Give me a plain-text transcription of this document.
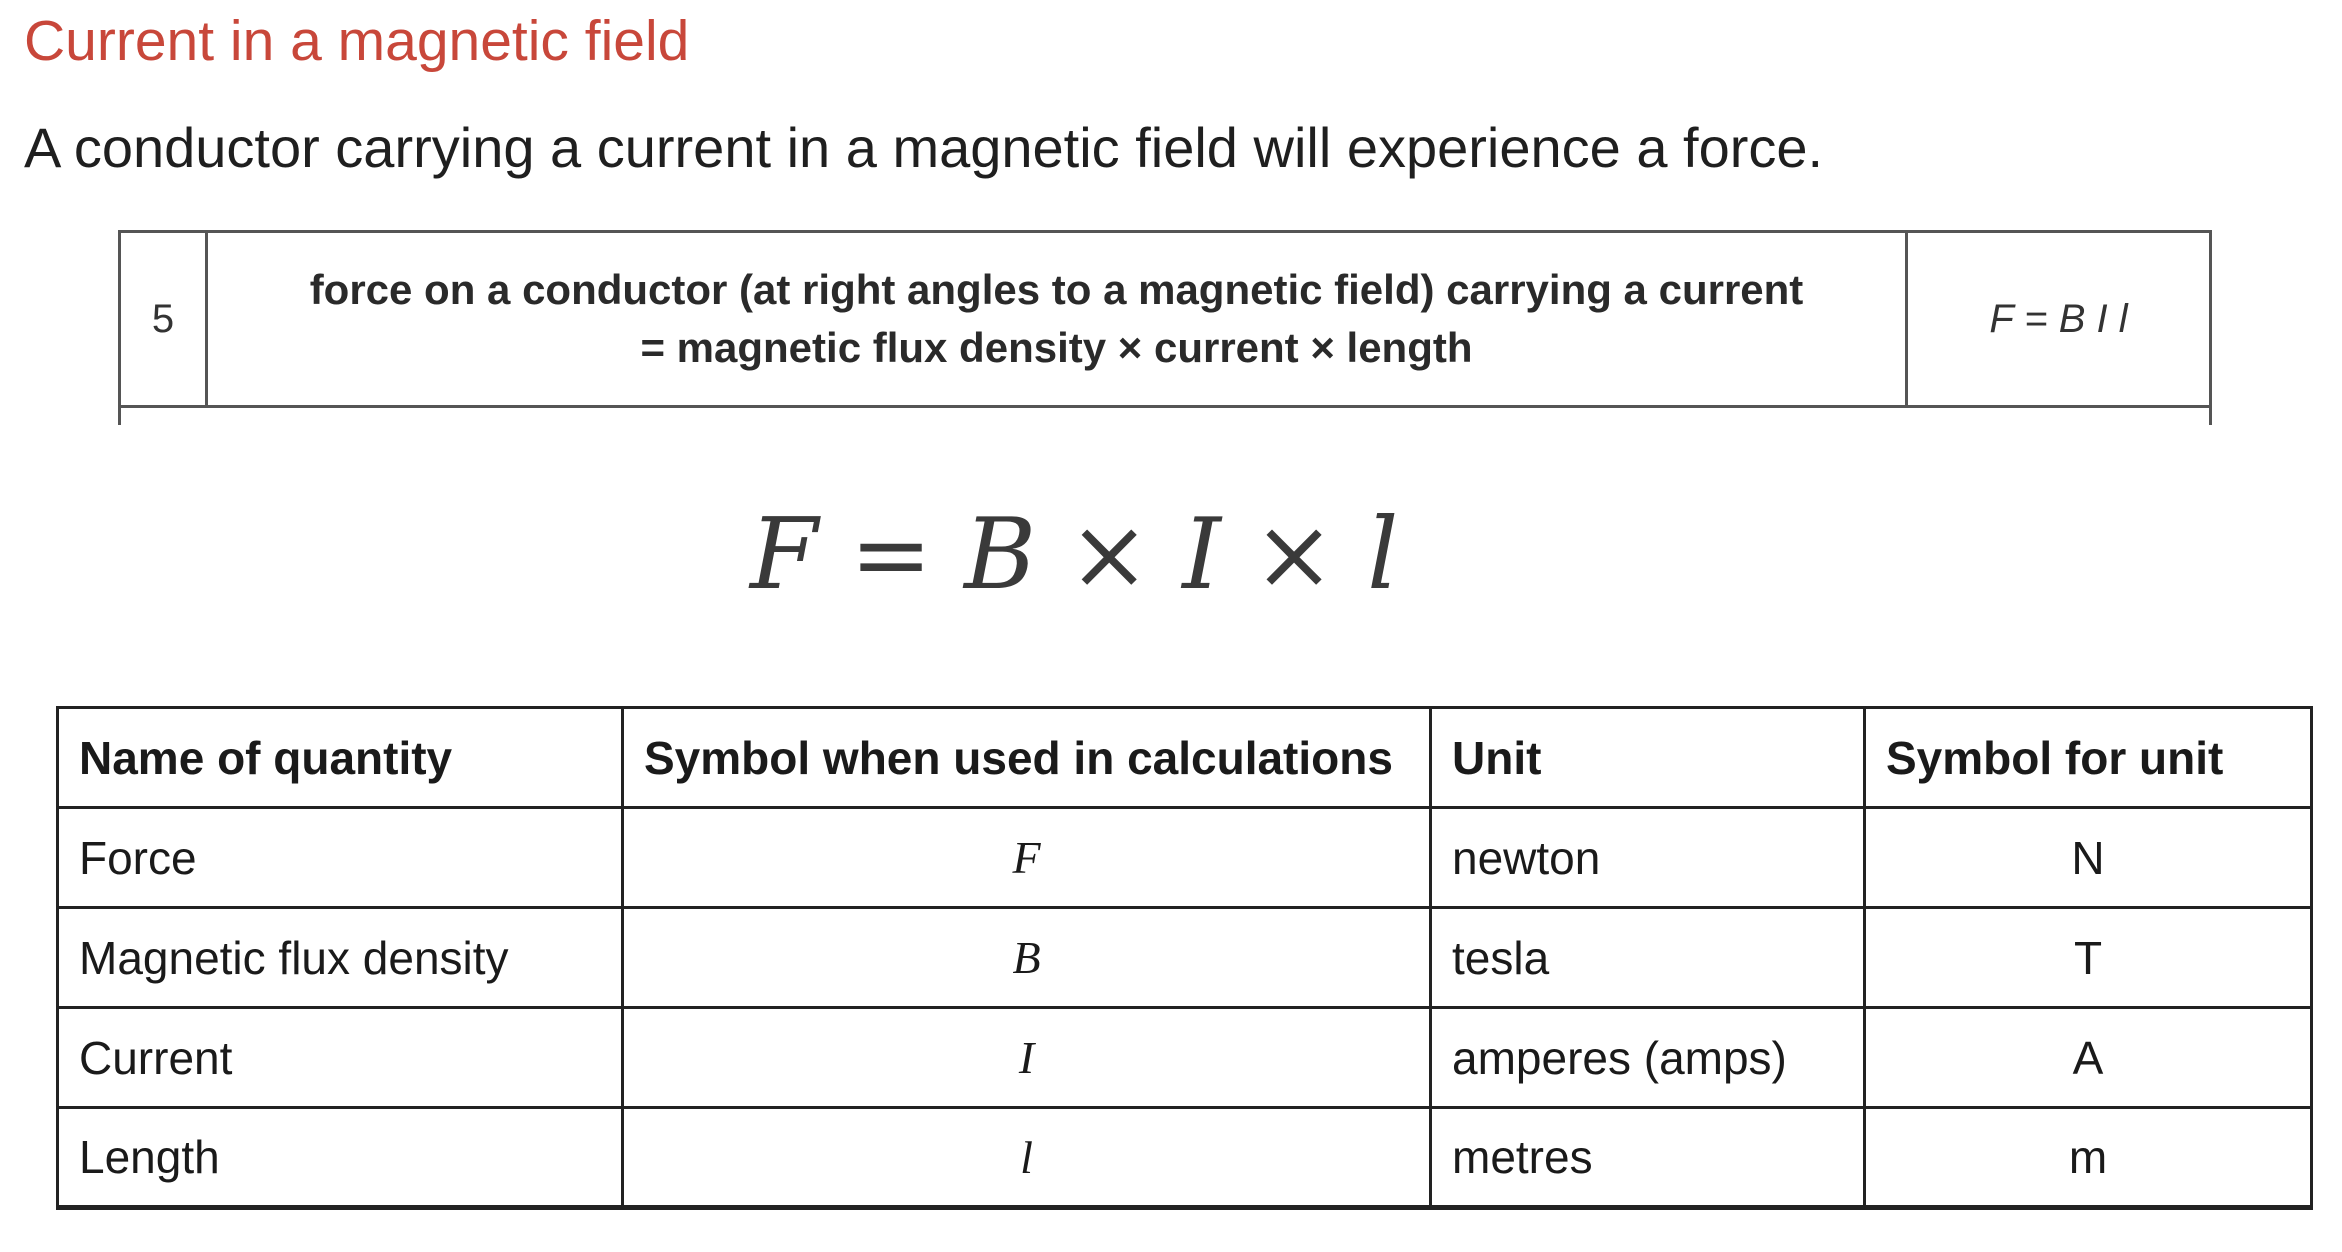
Current in a magnetic field
A conductor carrying a current in a magnetic field will experience a force.
5
force on a conductor (at right angles to a magnetic field) carrying a current
= magnetic flux density × current × length
F = B I l
F = B × I × l
Name of quantity	Symbol when used in calculations	Unit	Symbol for unit
Force	F	newton	N
Magnetic flux density	B	tesla	T
Current	I	amperes (amps)	A
Length	l	metres	m
